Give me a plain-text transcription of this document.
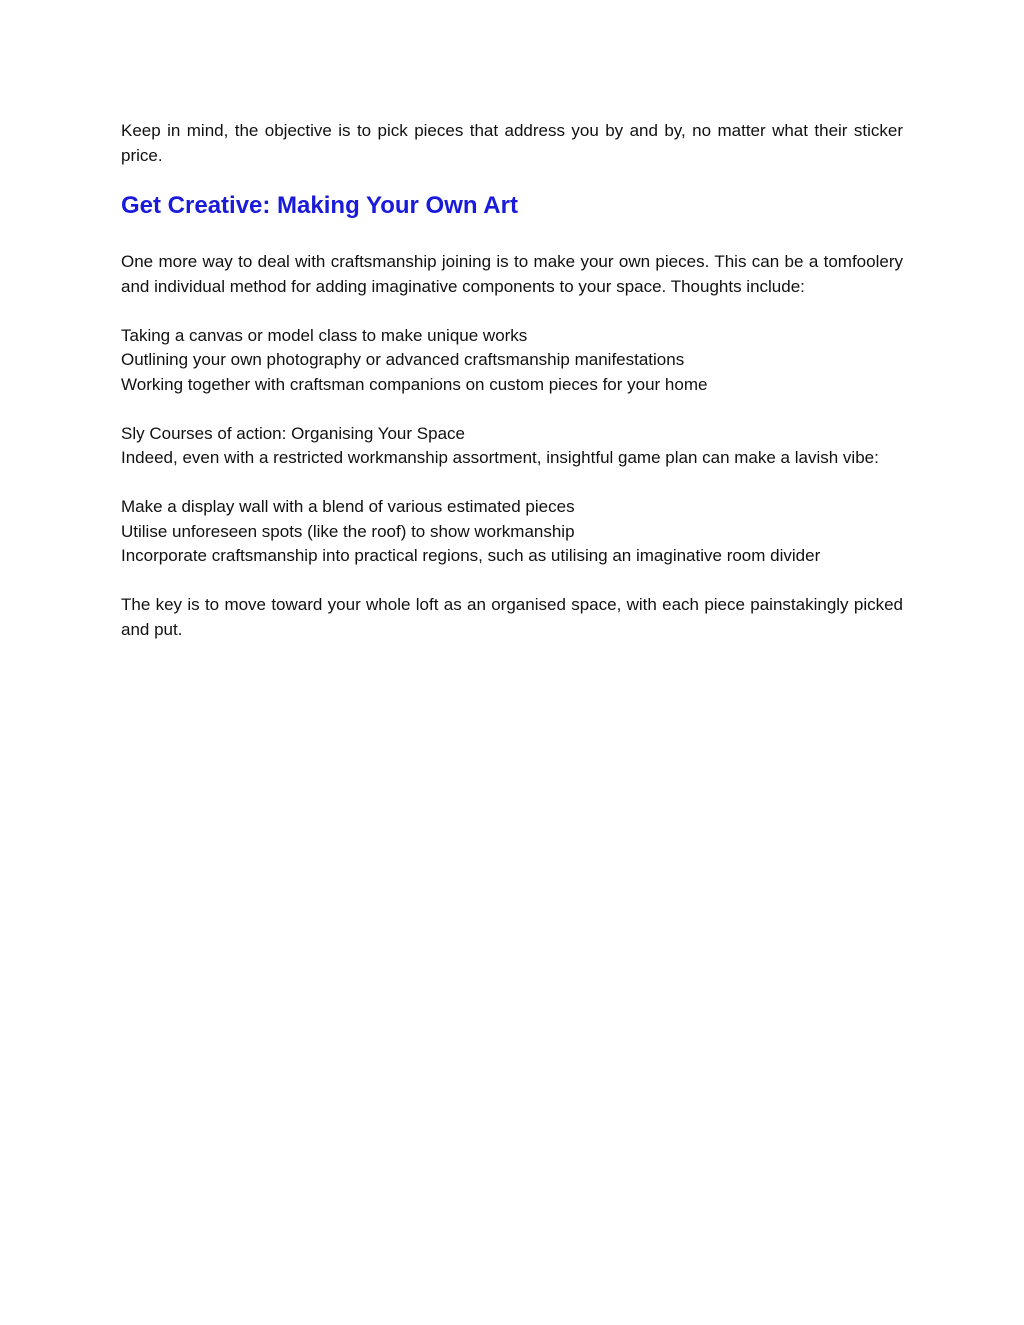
Keep in mind, the objective is to pick pieces that address you by and by, no matter what their sticker price.

Get Creative: Making Your Own Art

One more way to deal with craftsmanship joining is to make your own pieces. This can be a tomfoolery and individual method for adding imaginative components to your space. Thoughts include:

Taking a canvas or model class to make unique works
Outlining your own photography or advanced craftsmanship manifestations
Working together with craftsman companions on custom pieces for your home
Sly Courses of action: Organising Your Space

Indeed, even with a restricted workmanship assortment, insightful game plan can make a lavish vibe:

Make a display wall with a blend of various estimated pieces
Utilise unforeseen spots (like the roof) to show workmanship
Incorporate craftsmanship into practical regions, such as utilising an imaginative room divider

The key is to move toward your whole loft as an organised space, with each piece painstakingly picked and put.
